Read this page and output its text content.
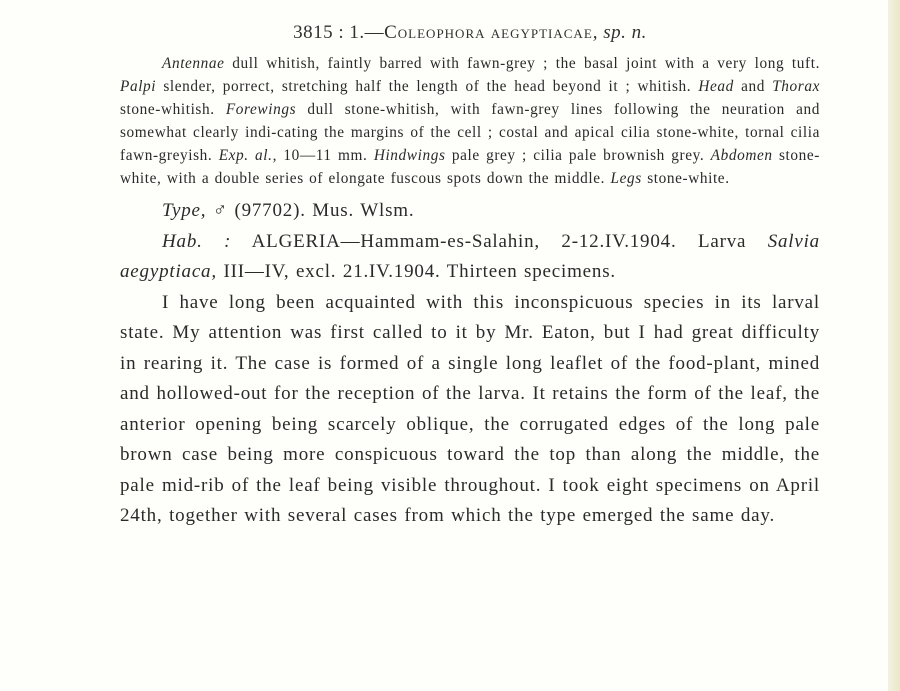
3815 : 1.—Coleophora aegyptiacae, sp. n.

Antennae dull whitish, faintly barred with fawn-grey ; the basal joint with a very long tuft. Palpi slender, porrect, stretching half the length of the head beyond it ; whitish. Head and Thorax stone-whitish. Forewings dull stone-whitish, with fawn-grey lines following the neuration and somewhat clearly indi-cating the margins of the cell ; costal and apical cilia stone-white, tornal cilia fawn-greyish. Exp. al., 10—11 mm. Hindwings pale grey ; cilia pale brownish grey. Abdomen stone-white, with a double series of elongate fuscous spots down the middle. Legs stone-white.

Type, ♂ (97702). Mus. Wlsm.

Hab. : ALGERIA—Hammam-es-Salahin, 2-12.IV.1904. Larva Salvia aegyptiaca, III—IV, excl. 21.IV.1904. Thirteen specimens.

I have long been acquainted with this inconspicuous species in its larval state. My attention was first called to it by Mr. Eaton, but I had great difficulty in rearing it. The case is formed of a single long leaflet of the food-plant, mined and hollowed-out for the reception of the larva. It retains the form of the leaf, the anterior opening being scarcely oblique, the corrugated edges of the long pale brown case being more conspicuous toward the top than along the middle, the pale mid-rib of the leaf being visible throughout. I took eight specimens on April 24th, together with several cases from which the type emerged the same day.
